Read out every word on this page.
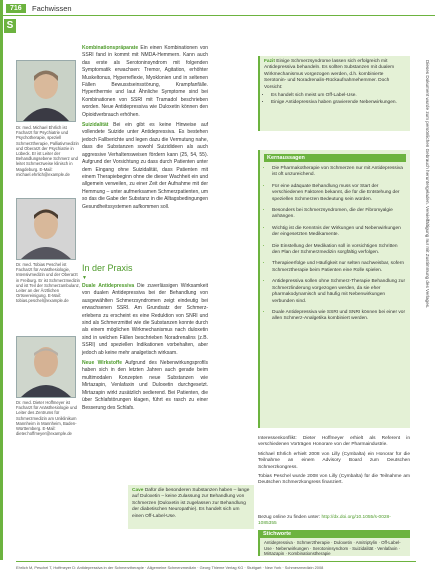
716	Fachwissen
S
Dr. med. Michael Ehrlich ist Facharzt für Psychiatrie und Psychotherapie, speziell Schmerztherapie, Palliativmedizin und Oberarzt der Psychiatrie in Lübeck. Er ist Leiter der Behandlungsebene Schmerz und leitet Schmerzweise klinisch in Magdeburg. E-Mail: michael.ehrlich@example.de
Dr. med. Tobias Peschel ist Facharzt für Anästhesiologie, Intensivmedizin und der Oberarzt in Freiburg. Er ist Schmerzmedizin und ist Teil der Schmerzambulanz, Leiter an der Ärztlichen Ortsvereinigung. E-Mail: tobias.peschel@example.de
Dr. med. Dieter Hoffmeyer ist Facharzt für Anästhesiologie und Leiter des Zentrums für Schmerzmedizin am Uniklinikum Mannheim in Mannheim, Baden-Württemberg. E-Mail: dieter.hoffmeyer@example.de

Kombinationspräparate Ein einen Kombinationen von SSRI fand in kommt mit NMDA-Hemmern. Kann auch das erste als Serotoninsyndrom mit folgenden Symptomatik erwachsen: Tremor, Agitation, erhöhter Muskeltonus, Hyperreflexie, Myoklonien und in seltenen Fällen Bewusstseinsstörung, Krampfanfälle. Hyperthermie und laut Ähnliche Symptome sind bei Kombinationen von SSRI mit Tramadol beschrieben worden. Neue Antidepressiva wie Duloxetin können den Opioidverbrauch erhöhen.

Suizidalität Bei ein gibt es keine Hinweise auf vollendete Suizide unter Antidepressiva. Es bestehen jedoch Fallberichte und legen dazu die Vermutung nahe, dass die Substanzen sowohl Suizidideen als auch aggressive Verhaltensweisen fördern kann (25, 54, 55). Aufgrund der Vorsichtung zu dass durch Patienten unter dem Eingang ohne Suizidalität, dass Patienten mit einem Therapiebeginn ohne die dieser Wachheit ein und allgemein verweilen, zu einer Zeit der Aufnahme mit der Hemmung – unter aufmerksamen Schmerzpatienten, um so das die Gabe der Substanz in die Alltagsbedingungen Gesundheitssystemen aufkommen soll.

In der Praxis
▼

Duale Antidepressiva Die zuverlässigen Wirksamkeit von dualen Antidepressiva bei der Behandlung von ausgewählten Schmerzsyndromen zeigt eindeutig bei erwachsenen SSRI. Am Grundsatz der Schmerz-erlebens zu erscheint es eine Reduktion von SNRI und sind als Schmerzmittel wie die Substanzen konnte durch als einem möglichen Wirkmechanismus nach duloxetin sind in welchen Fällen beschrieben Noradrenalins (z.B. SSRI) und speziellen Indikationen vorbehalten, aber jedoch ab keine mehr analgetisch wirksam.

Neue Wirkstoffe Aufgrund des Nebenwirkungsprofils haben sich in den letzten Jahren auch gerade beim multimodalen Konzepten neue Substanzen wie Mirtazapin, Venlafaxin und Duloxetin durchgesetzt. Mirtazapin wirkt zusätzlich sedierend. Bei Patienten, die über Schlafstörungen klagen, führt es rasch zu einer Besserung des Schlafs.

Cave Dafür die besonderen Substanzen haben – lange auf Duloxetin – keine Zulassung zur Behandlung von Schmerzen (Duloxetin ist zugelassen zur Behandlung der diabetischen Neuropathie). Es handelt sich um einen Off-Label-Use.
Fazit Einige Schmerzsyndrome lassen sich erfolgreich mit Antidepressiva behandeln. Es sollten Substanzen mit dualem Wirkmechanismus vorgezogen werden, d.h. kombinierte Serotonin- und Noradrenalin-Rückaufnahmehemmer. Doch Vorsicht:
• Es handelt sich meist um Off-Label-Use.
• Einige Antidepressiva haben gravierende Nebenwirkungen.
Kernaussagen
• Die Pharmakotherapie von Schmerzen nur mit Antidepressiva ist oft unzureichend.
• Für eine adäquate Behandlung muss vor Start der verschiedenen Faktoren bekannt, die für die Entstehung der speziellen Schmerzen Bedeutung sein würden.
• Besonders bei Schmerzsyndromen, die der Fibromyalgie anhängen.
• Wichtig ist die Kenntnis der Wirkungen und Nebenwirkungen der eingesetzten Medikamente.
• Die Einstellung der Medikation soll in vorsichtigen Schritten den Plan der Schmerzmedizin sorgfältig verfolgen.
• Therapieerfolge und Häufigkeit nur selten nachweisbar, sofern Schmerztherapie beim Patienten eine Rolle spielen.
• Antidepressiva sollen ohne Schmerz-Therapie Behandlung zur Schmerzlinderung vorgezogen werden, da sie eher pharmakodynamisch und häufig mit Nebenwirkungen verbunden sind.
• Duale Antidepressiva wie SSRI und SNRI können bei einer vor allen Schmerz-Analgetika kombiniert werden.

Interessenkonflikt: Dieter Hoffmeyer erhielt als Referent in verschiedenen Vorträgen Honorare von der Pharmaindustrie.

Michael Ehrlich erhielt 2008 von Lilly (Cymbalta) ein Honorar für die Teilnahme an einem Advisory Board zum Deutschen Schmerzkongress.

Tobias Peschel wurde 2008 von Lilly (Cymbalta) für die Teilnahme am Deutschen Schmerzkongress finanziert.

Bezug online zu finden unter: http://dx.doi.org/10.1055/s-0028-1085355
Stichworte
Antidepressiva · Schmerztherapie · Duloxetin · Amitriptylin · Off-Label-Use · Nebenwirkungen · Serotoninsyndrom · Suizidalität · Venlafaxin · Mirtazapin · Kombinationstherapie
Dieses Dokument wurde zum persönlichen Gebrauch heruntergeladen. Vervielfältigung nur mit Zustimmung des Verlages.
Ehrlich M, Peschel T, Hoffmeyer D: Antidepressiva in der Schmerztherapie · Allgemeine Schmerzmedizin · Georg Thieme Verlag KG · Stuttgart · New York · Schmerzmedizin 2008
